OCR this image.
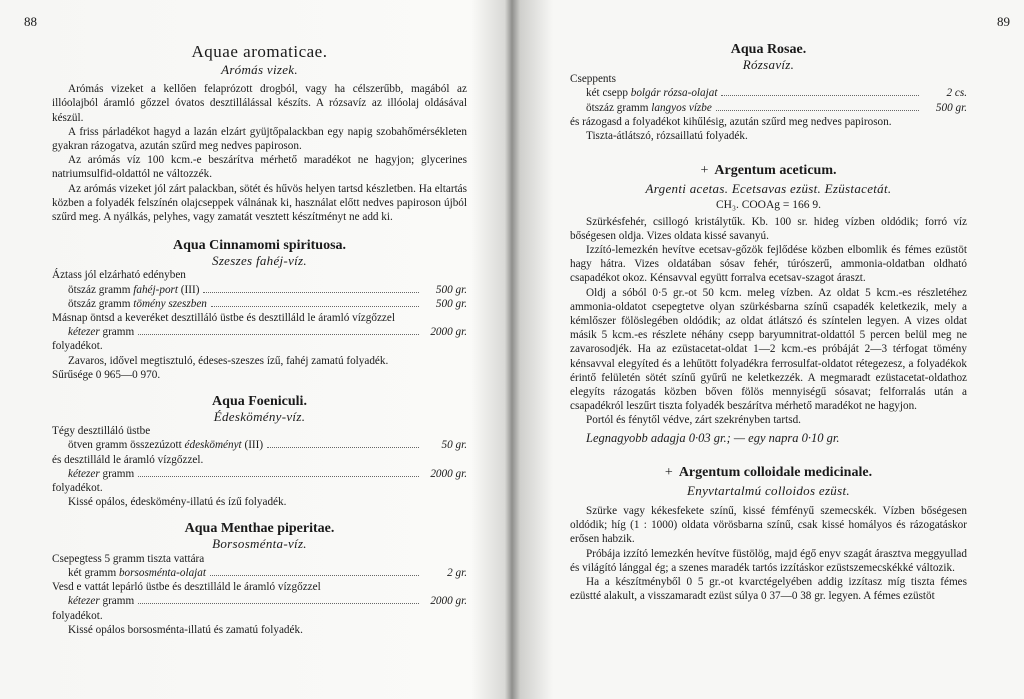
88
Aquae aromaticae.

Arómás vizek.

Arómás vizeket a kellően felaprózott drogból, vagy ha célszerűbb, magából az illóolajból áramló gőzzel óvatos desztillálással készíts. A rózsavíz az illóolaj oldásával készül.

A friss párladékot hagyd a lazán elzárt gyüjtőpalackban egy napig szobahőmérsékleten gyakran rázogatva, azután szűrd meg nedves papiroson.

Az arómás víz 100 kcm.-e beszárítva mérhető maradékot ne hagyjon; glycerines natriumsulfid-oldattól ne változzék.

Az arómás vizeket jól zárt palackban, sötét és hűvös helyen tartsd készletben. Ha eltartás közben a folyadék felszínén olajcseppek válnának ki, használat előtt nedves papiroson újból szűrd meg. A nyálkás, pelyhes, vagy zamatát vesztett készítményt ne add ki.

Aqua Cinnamomi spirituosa.

Szeszes fahéj-víz.

Áztass jól elzárható edényben
ötszáz gramm fahéj-port (III)	500 gr.
ötszáz gramm tömény szeszben	500 gr.

Másnap öntsd a keveréket desztilláló üstbe és desztilláld le áramló vízgőzzel

kétezer gramm	2000 gr.
folyadékot.

Zavaros, idővel megtisztuló, édeses-szeszes ízű, fahéj zamatú folyadék.

Sűrűsége 0 965—0 970.

Aqua Foeniculi.

Édeskömény-víz.

Tégy desztilláló üstbe
ötven gramm összezúzott édesköményt (III)	50 gr.
és desztilláld le áramló vízgőzzel.
kétezer gramm	2000 gr.
folyadékot.

Kissé opálos, édeskömény-illatú és ízű folyadék.

Aqua Menthae piperitae.

Borsosménta-víz.

Csepegtess 5 gramm tiszta vattára
két gramm borsosménta-olajat	2 gr.
Vesd e vattát lepárló üstbe és desztilláld le áramló vízgőzzel
kétezer gramm	2000 gr.
folyadékot.

Kissé opálos borsosménta-illatú és zamatú folyadék.

89
Aqua Rosae.

Rózsavíz.

Cseppents
két csepp bolgár rózsa-olajat	2 cs.
ötszáz gramm langyos vízbe	500 gr.

és rázogasd a folyadékot kihűlésig, azután szűrd meg nedves papiroson.

Tiszta-átlátszó, rózsaillatú folyadék.

+ Argentum aceticum.

Argenti acetas. Ecetsavas ezüst. Ezüstacetát.

CH₃. COOAg = 166 9.

Szürkésfehér, csillogó kristálytűk. Kb. 100 sr. hideg vízben oldódik; forró víz bőségesen oldja. Vizes oldata kissé savanyú.

Izzító-lemezkén hevítve ecetsav-gőzök fejlődése közben elbomlik és fémes ezüstöt hagy hátra. Vizes oldatában sósav fehér, túrószerű, ammonia-oldatban oldható csapadékot okoz. Kénsavval együtt forralva ecetsav-szagot áraszt.

Oldj a sóból 0·5 gr.-ot 50 kcm. meleg vízben. Az oldat 5 kcm.-es részletéhez ammonia-oldatot csepegtetve olyan szürkésbarna színű csapadék keletkezik, mely a kémlőszer fölöslegében oldódik; az oldat átlátszó és színtelen legyen. A vizes oldat másik 5 kcm.-es részlete néhány csepp baryumnitrat-oldattól 5 percen belül meg ne zavarosodjék. Ha az ezüstacetat-oldat 1—2 kcm.-es próbáját 2—3 térfogat tömény kénsavval elegyíted és a lehűtött folyadékra ferrosulfat-oldatot rétegezesz, a folyadékok érintő felületén sötét színű gyűrű ne keletkezzék. A megmaradt ezüstacetat-oldathoz elegyíts rázogatás közben bőven fölös mennyiségű sósavat; felforralás után a csapadékról leszűrt tiszta folyadék beszárítva mérhető maradékot ne hagyjon.

Portól és fénytől védve, zárt szekrényben tartsd.

Legnagyobb adagja 0·03 gr.; — egy napra 0·10 gr.

+ Argentum colloidale medicinale.

Enyvtartalmú colloidos ezüst.

Szürke vagy kékesfekete színű, kissé fémfényű szemecskék. Vízben bőségesen oldódik; híg (1 : 1000) oldata vörösbarna színű, csak kissé homályos és rázogatáskor erősen habzik.

Próbája izzító lemezkén hevítve füstölög, majd égő enyv szagát árasztva meggyullad és világító lánggal ég; a szenes maradék tartós izzításkor ezüstszemecskékké változik.

Ha a készítményből 0 5 gr.-ot kvarctégelyében addig izzítasz míg tiszta fémes ezüstté alakult, a visszamaradt ezüst súlya 0 37—0 38 gr. legyen. A fémes ezüstöt
